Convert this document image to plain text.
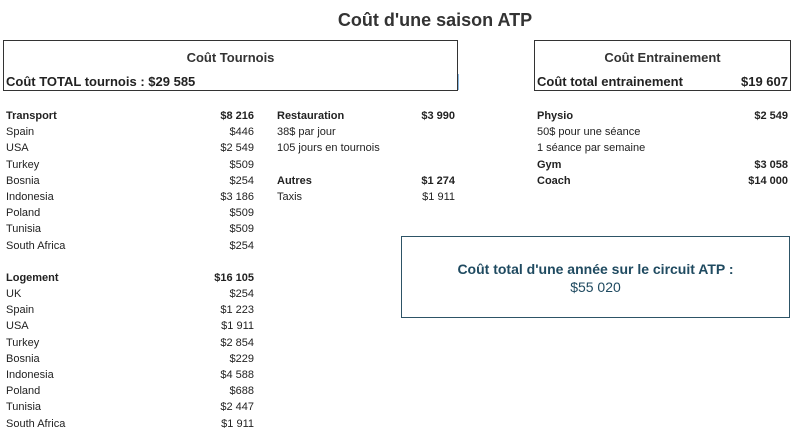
Coût d'une saison ATP
Coût Tournois
Coût TOTAL tournois : $29 585
Coût Entrainement
Coût total entrainement	$19 607
Transport	$8 216
Spain	$446
USA	$2 549
Turkey	$509
Bosnia	$254
Indonesia	$3 186
Poland	$509
Tunisia	$509
South Africa	$254
Logement	$16 105
UK	$254
Spain	$1 223
USA	$1 911
Turkey	$2 854
Bosnia	$229
Indonesia	$4 588
Poland	$688
Tunisia	$2 447
South Africa	$1 911
Restauration	$3 990
38$ par jour
105 jours en tournois
Autres	$1 274
Taxis	$1 911
Physio	$2 549
50$ pour une séance
1 séance par semaine
Gym	$3 058
Coach	$14 000
Coût total d'une année sur le circuit ATP :
$55 020
